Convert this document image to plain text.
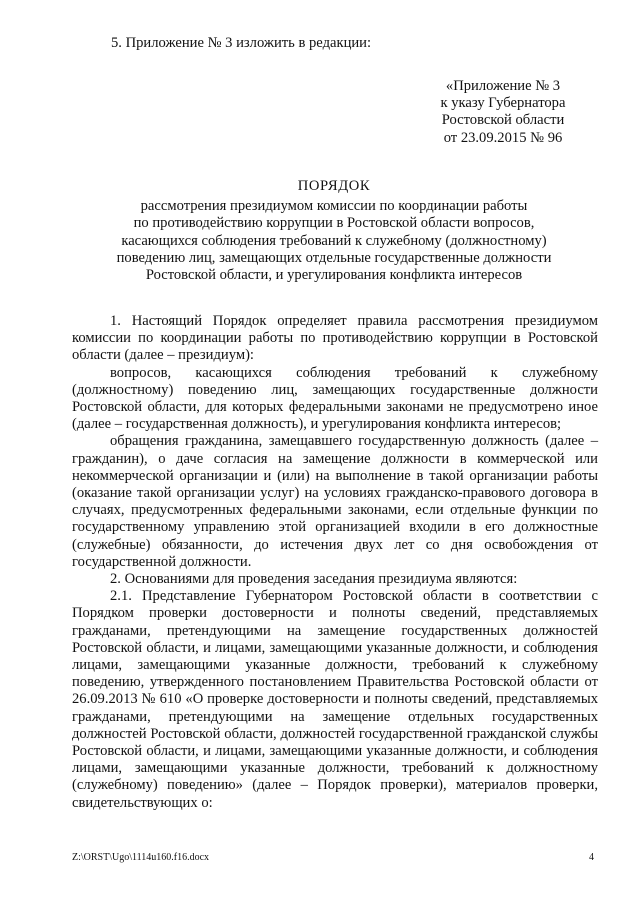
5. Приложение № 3 изложить в редакции:

«Приложение № 3
к указу Губернатора
Ростовской области
от 23.09.2015 № 96
ПОРЯДОК
рассмотрения президиумом комиссии по координации работы
по противодействию коррупции в Ростовской области вопросов,
касающихся соблюдения требований к служебному (должностному)
поведению лиц, замещающих отдельные государственные должности
Ростовской области, и урегулирования конфликта интересов

1. Настоящий Порядок определяет правила рассмотрения президиумом комиссии по координации работы по противодействию коррупции в Ростовской области (далее – президиум):

вопросов, касающихся соблюдения требований к служебному (должностному) поведению лиц, замещающих государственные должности Ростовской области, для которых федеральными законами не предусмотрено иное (далее – государственная должность), и урегулирования конфликта интересов;

обращения гражданина, замещавшего государственную должность (далее – гражданин), о даче согласия на замещение должности в коммерческой или некоммерческой организации и (или) на выполнение в такой организации работы (оказание такой организации услуг) на условиях гражданско-правового договора в случаях, предусмотренных федеральными законами, если отдельные функции по государственному управлению этой организацией входили в его должностные (служебные) обязанности, до истечения двух лет со дня освобождения от государственной должности.

2. Основаниями для проведения заседания президиума являются:

2.1. Представление Губернатором Ростовской области в соответствии с Порядком проверки достоверности и полноты сведений, представляемых гражданами, претендующими на замещение государственных должностей Ростовской области, и лицами, замещающими указанные должности, и соблюдения лицами, замещающими указанные должности, требований к служебному поведению, утвержденного постановлением Правительства Ростовской области от 26.09.2013 № 610 «О проверке достоверности и полноты сведений, представляемых гражданами, претендующими на замещение отдельных государственных должностей Ростовской области, должностей государственной гражданской службы Ростовской области, и лицами, замещающими указанные должности, и соблюдения лицами, замещающими указанные должности, требований к должностному (служебному) поведению» (далее – Порядок проверки), материалов проверки, свидетельствующих о:

Z:\ORST\Ugo\1114u160.f16.docx	4
